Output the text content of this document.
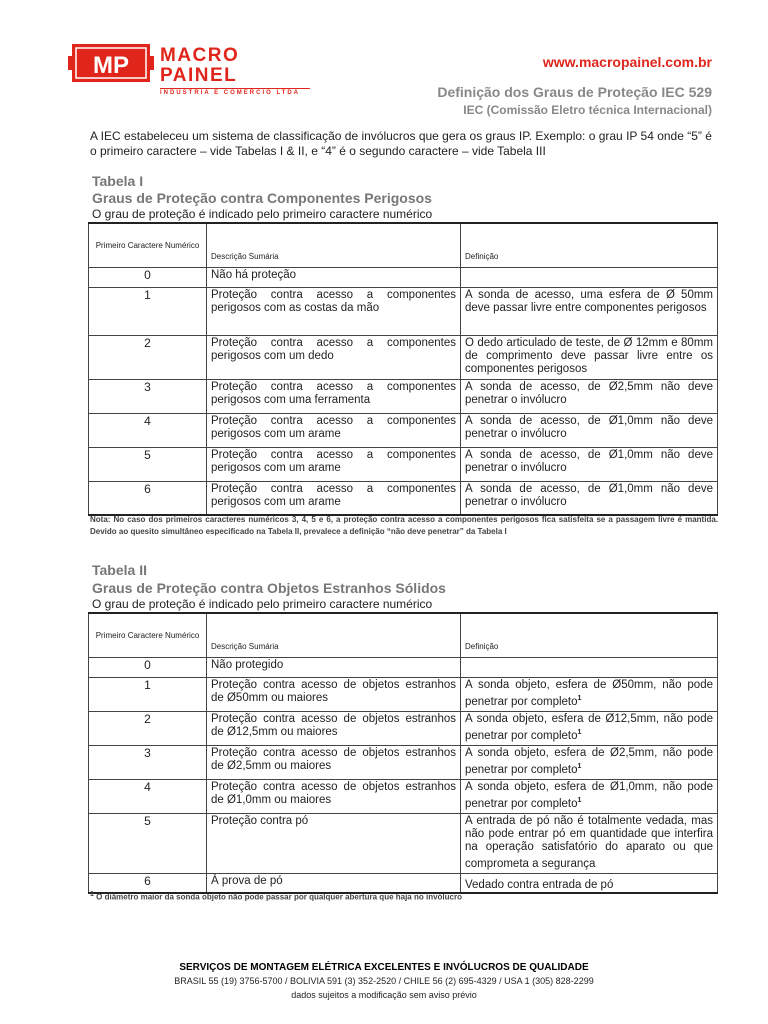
MP MACRO PAINEL
INDUSTRIA E COMERCIO LTDA
www.macropainel.com.br
Definição dos Graus de Proteção IEC 529
IEC (Comissão Eletro técnica Internacional)
A IEC estabeleceu um sistema de classificação de invólucros que gera os graus IP. Exemplo: o grau IP 54 onde “5” é o primeiro caractere – vide Tabelas I & II, e “4” é o segundo caractere – vide Tabela III
Tabela I
Graus de Proteção contra Componentes Perigosos
O grau de proteção é indicado pelo primeiro caractere numérico
Primeiro Caractere Numérico	Descrição Sumária	Definição
0	Não há proteção	
1	Proteção contra acesso a componentes perigosos com as costas da mão	A sonda de acesso, uma esfera de Ø 50mm deve passar livre entre componentes perigosos
2	Proteção contra acesso a componentes perigosos com um dedo	O dedo articulado de teste, de Ø 12mm e 80mm de comprimento deve passar livre entre os componentes perigosos
3	Proteção contra acesso a componentes perigosos com uma ferramenta	A sonda de acesso, de Ø2,5mm não deve penetrar o invólucro
4	Proteção contra acesso a componentes perigosos com um arame	A sonda de acesso, de Ø1,0mm não deve penetrar o invólucro
5	Proteção contra acesso a componentes perigosos com um arame	A sonda de acesso, de Ø1,0mm não deve penetrar o invólucro
6	Proteção contra acesso a componentes perigosos com um arame	A sonda de acesso, de Ø1,0mm não deve penetrar o invólucro
Nota: No caso dos primeiros caracteres numéricos 3, 4, 5 e 6, a proteção contra acesso a componentes perigosos fica satisfeita se a passagem livre é mantida. Devido ao quesito simultâneo especificado na Tabela II, prevalece a definição “não deve penetrar” da Tabela I
Tabela II
Graus de Proteção contra Objetos Estranhos Sólidos
O grau de proteção é indicado pelo primeiro caractere numérico
Primeiro Caractere Numérico	Descrição Sumária	Definição
0	Não protegido	
1	Proteção contra acesso de objetos estranhos de Ø50mm ou maiores	A sonda objeto, esfera de Ø50mm, não pode penetrar por completo$^1$
2	Proteção contra acesso de objetos estranhos de Ø12,5mm ou maiores	A sonda objeto, esfera de Ø12,5mm, não pode penetrar por completo$^1$
3	Proteção contra acesso de objetos estranhos de Ø2,5mm ou maiores	A sonda objeto, esfera de Ø2,5mm, não pode penetrar por completo$^1$
4	Proteção contra acesso de objetos estranhos de Ø1,0mm ou maiores	A sonda objeto, esfera de Ø1,0mm, não pode penetrar por completo$^1$
5	Proteção contra pó	A entrada de pó não é totalmente vedada, mas não pode entrar pó em quantidade que interfira na operação satisfatório do aparato ou que comprometa a segurança
6	À prova de pó	Vedado contra entrada de pó
$^1$ O diâmetro maior da sonda objeto não pode passar por qualquer abertura que haja no invólucro
SERVIÇOS DE MONTAGEM ELÉTRICA EXCELENTES E INVÓLUCROS DE QUALIDADE
BRASIL 55 (19) 3756-5700 / BOLIVIA 591 (3) 352-2520 / CHILE 56 (2) 695-4329 / USA 1 (305) 828-2299
dados sujeitos a modificação sem aviso prévio
